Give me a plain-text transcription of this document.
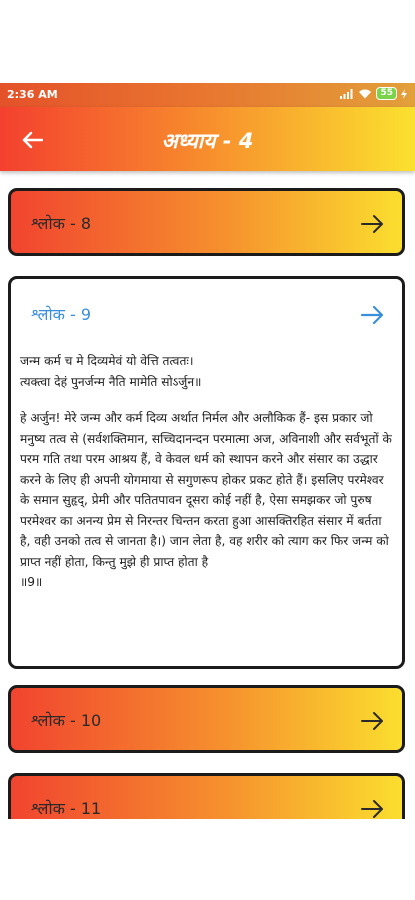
2:36 AM	55
अध्याय - 4
श्लोक - 8
श्लोक - 9
जन्म कर्म च मे दिव्यमेवं यो वेत्ति तत्वतः।
त्यक्त्वा देहं पुनर्जन्म नैति मामेति सोऽर्जुन॥
हे अर्जुन! मेरे जन्म और कर्म दिव्य अर्थात निर्मल और अलौकिक हैं- इस प्रकार जो मनुष्य तत्व से (सर्वशक्तिमान, सच्चिदानन्दन परमात्मा अज, अविनाशी और सर्वभूतों के परम गति तथा परम आश्रय हैं, वे केवल धर्म को स्थापन करने और संसार का उद्धार करने के लिए ही अपनी योगमाया से सगुणरूप होकर प्रकट होते हैं। इसलिए परमेश्वर के समान सुहृद्, प्रेमी और पतितपावन दूसरा कोई नहीं है, ऐसा समझकर जो पुरुष परमेश्वर का अनन्य प्रेम से निरन्तर चिन्तन करता हुआ आसक्तिरहित संसार में बर्तता है, वही उनको तत्व से जानता है।) जान लेता है, वह शरीर को त्याग कर फिर जन्म को प्राप्त नहीं होता, किन्तु मुझे ही प्राप्त होता है
॥9॥
श्लोक - 10
श्लोक - 11
